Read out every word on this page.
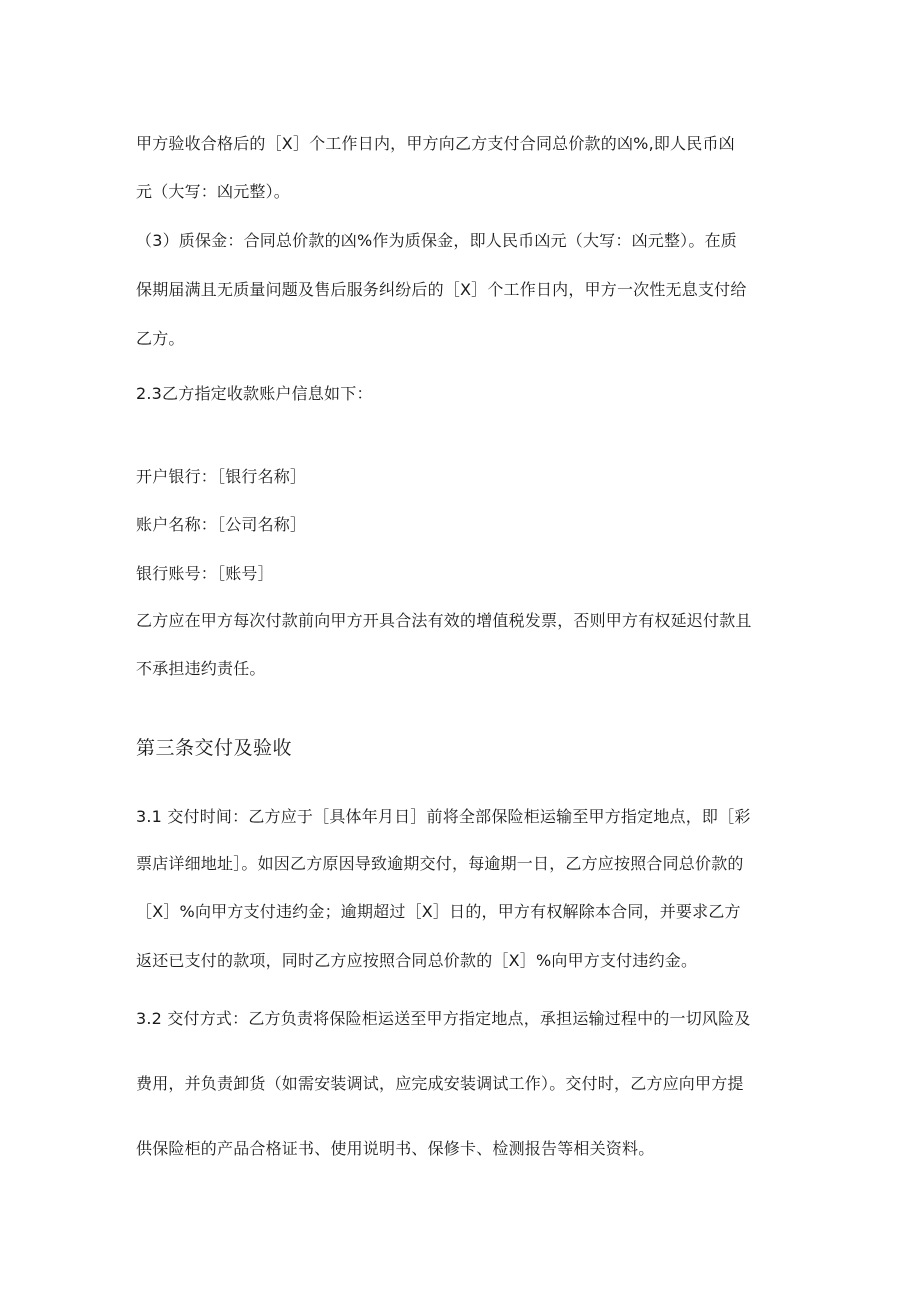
甲方验收合格后的［X］个工作日内，甲方向乙方支付合同总价款的凶%,即人民币凶
元（大写：凶元整）。
（3）质保金：合同总价款的凶%作为质保金，即人民币凶元（大写：凶元整）。在质
保期届满且无质量问题及售后服务纠纷后的［X］个工作日内，甲方一次性无息支付给
乙方。
2.3乙方指定收款账户信息如下：
开户银行：［银行名称］
账户名称：［公司名称］
银行账号：［账号］
乙方应在甲方每次付款前向甲方开具合法有效的增值税发票，否则甲方有权延迟付款且
不承担违约责任。
第三条交付及验收
3.1 交付时间：乙方应于［具体年月日］前将全部保险柜运输至甲方指定地点，即［彩
票店详细地址］。如因乙方原因导致逾期交付，每逾期一日，乙方应按照合同总价款的
［X］%向甲方支付违约金；逾期超过［X］日的，甲方有权解除本合同，并要求乙方
返还已支付的款项，同时乙方应按照合同总价款的［X］%向甲方支付违约金。
3.2 交付方式：乙方负责将保险柜运送至甲方指定地点，承担运输过程中的一切风险及
费用，并负责卸货（如需安装调试，应完成安装调试工作）。交付时，乙方应向甲方提
供保险柜的产品合格证书、使用说明书、保修卡、检测报告等相关资料。
